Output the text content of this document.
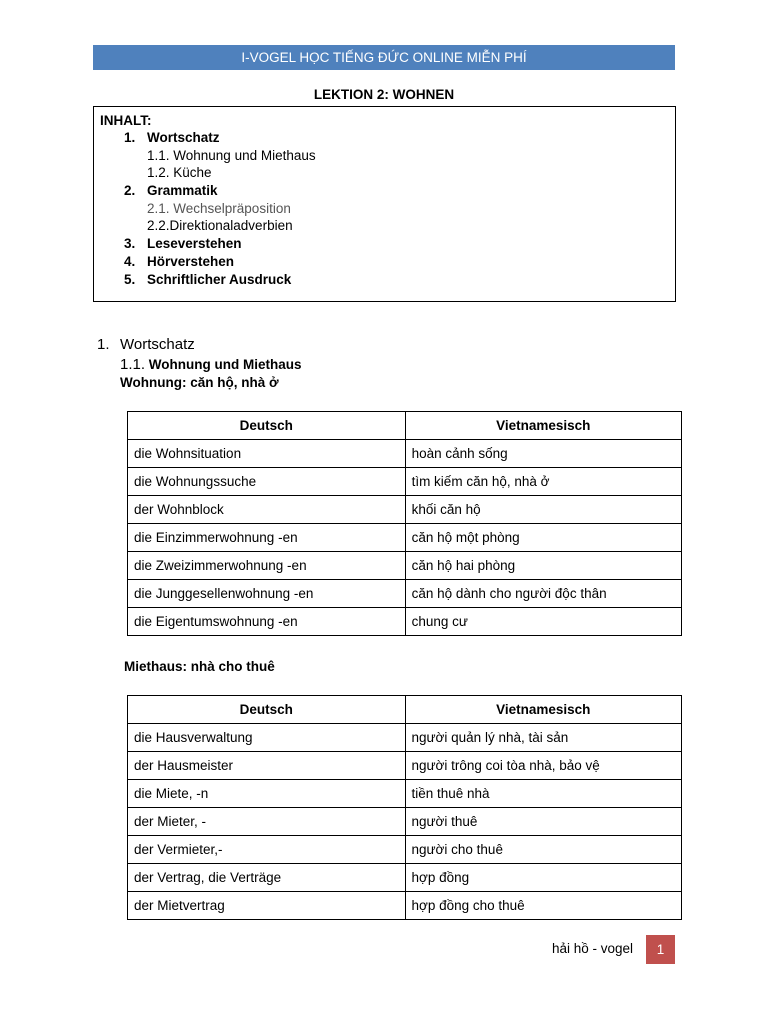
I-VOGEL HỌC TIẾNG ĐỨC ONLINE MIỄN PHÍ
LEKTION 2: WOHNEN
INHALT:
1. Wortschatz
1.1. Wohnung und Miethaus
1.2. Küche
2. Grammatik
2.1. Wechselpräposition
2.2.Direktionaladverbien
3. Leseverstehen
4. Hörverstehen
5. Schriftlicher Ausdruck
1. Wortschatz
1.1. Wohnung und Miethaus
Wohnung: căn hộ, nhà ở
Deutsch	Vietnamesisch
die Wohnsituation	hoàn cảnh sống
die Wohnungssuche	tìm kiếm căn hộ, nhà ở
der Wohnblock	khối căn hộ
die Einzimmerwohnung -en	căn hộ một phòng
die Zweizimmerwohnung -en	căn hộ hai phòng
die Junggesellenwohnung -en	căn hộ dành cho người độc thân
die Eigentumswohnung -en	chung cư
Miethaus: nhà cho thuê
Deutsch	Vietnamesisch
die Hausverwaltung	người quản lý nhà, tài sản
der Hausmeister	người trông coi tòa nhà, bảo vệ
die Miete, -n	tiền thuê nhà
der Mieter, -	người thuê
der Vermieter,-	người cho thuê
der Vertrag, die Verträge	hợp đồng
der Mietvertrag	hợp đồng cho thuê
hải hồ - vogel 1
